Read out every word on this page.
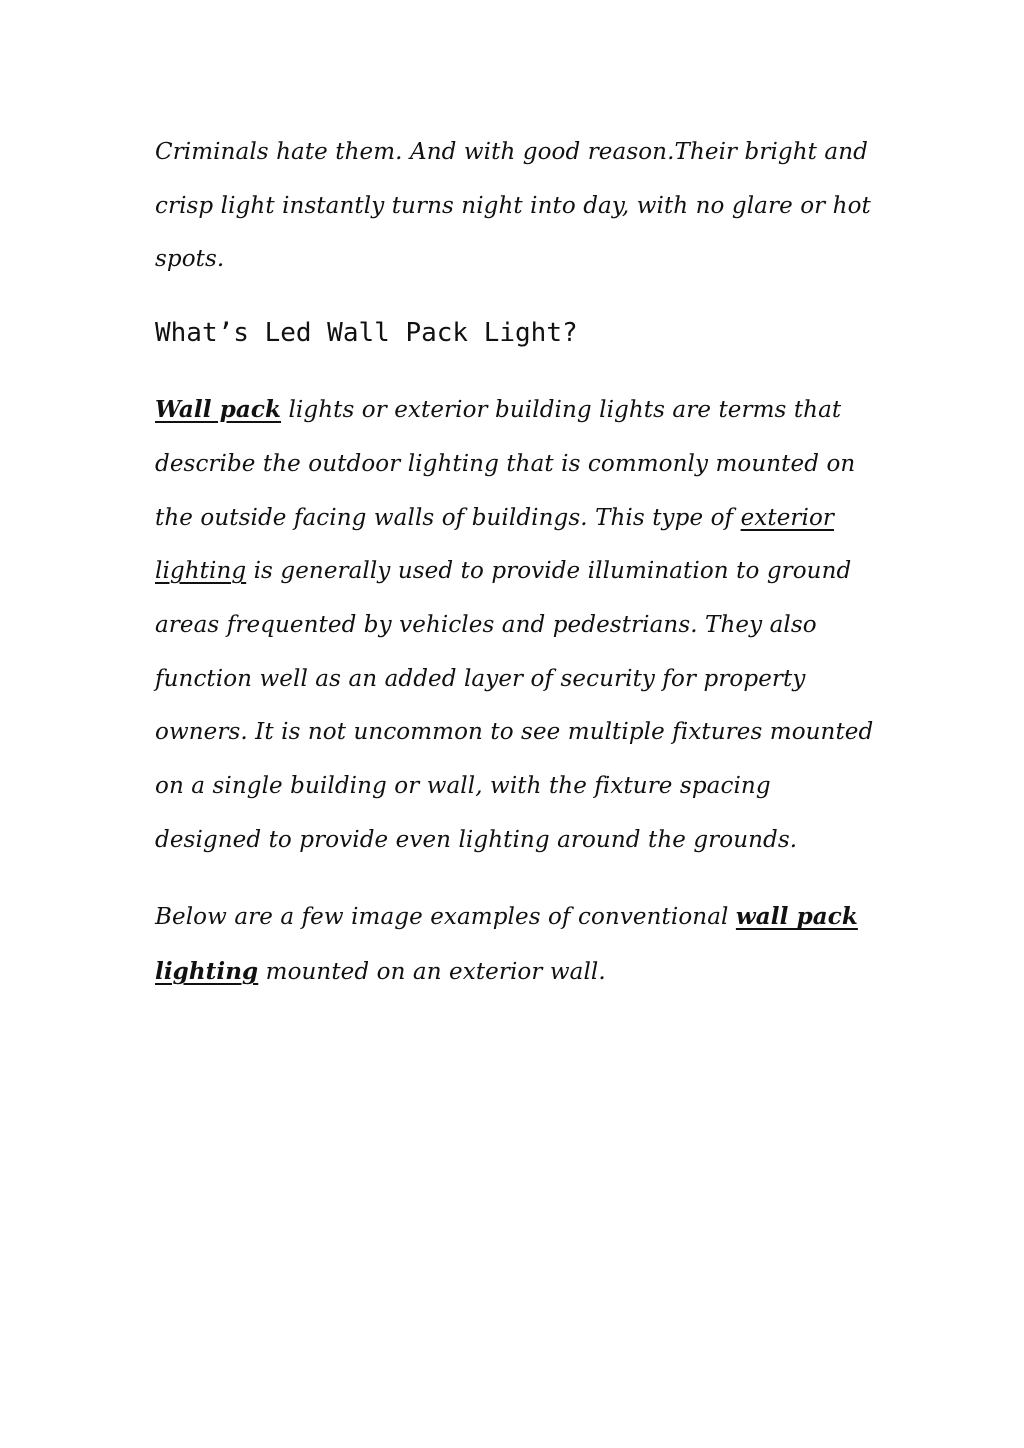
Criminals hate them. And with good reason.Their bright and crisp light instantly turns night into day, with no glare or hot spots.

What’s Led Wall Pack Light?

Wall pack lights or exterior building lights are terms that describe the outdoor lighting that is commonly mounted on the outside facing walls of buildings. This type of exterior lighting is generally used to provide illumination to ground areas frequented by vehicles and pedestrians. They also function well as an added layer of security for property owners. It is not uncommon to see multiple fixtures mounted on a single building or wall, with the fixture spacing designed to provide even lighting around the grounds.

Below are a few image examples of conventional wall pack lighting mounted on an exterior wall.
